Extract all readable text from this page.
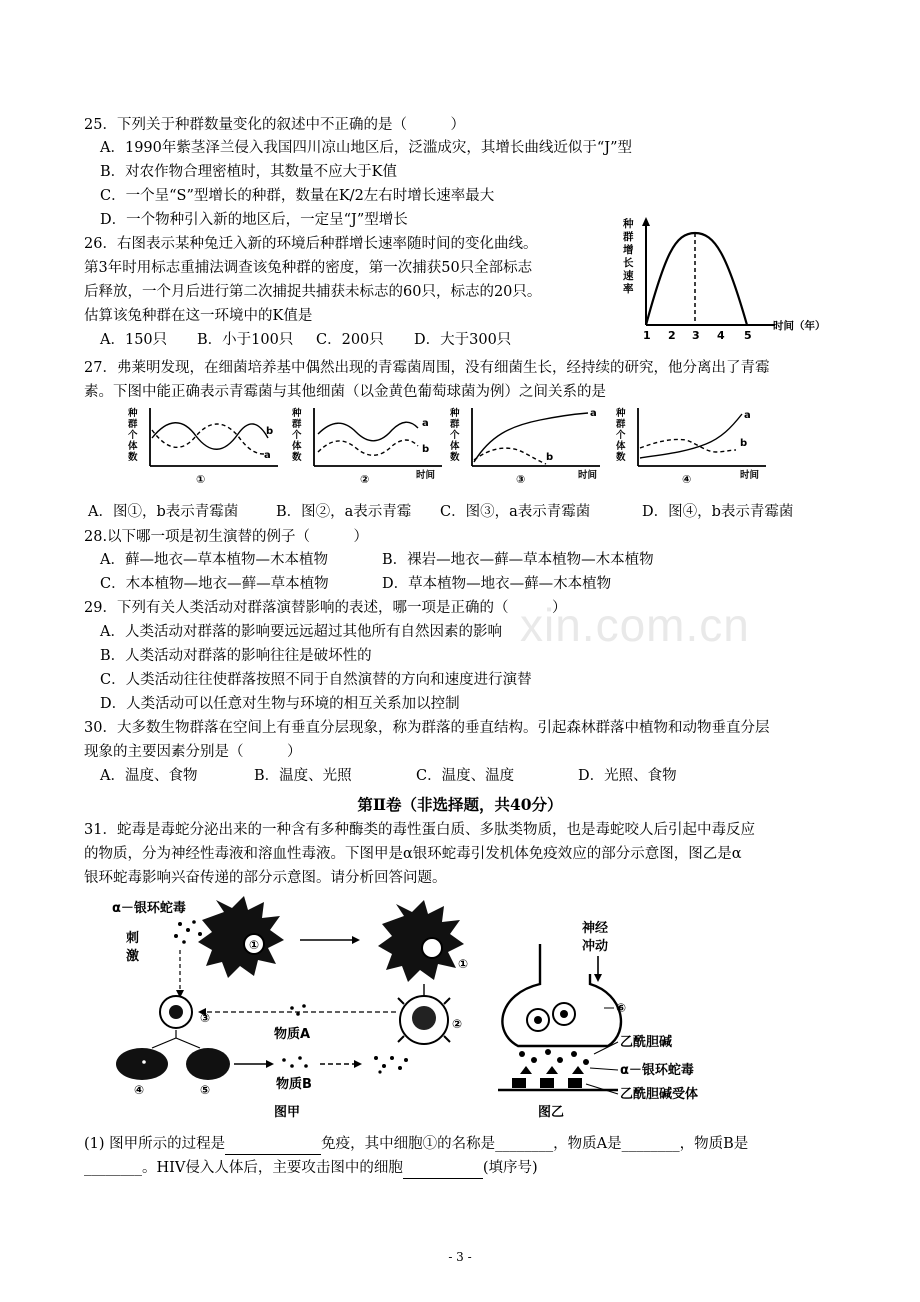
xin.com.cn
25．下列关于种群数量变化的叙述中不正确的是（　　　）
A．1990年紫茎泽兰侵入我国四川凉山地区后，泛滥成灾，其增长曲线近似于“J”型
B．对农作物合理密植时，其数量不应大于K值
C．一个呈“S”型增长的种群，数量在K/2左右时增长速率最大
D．一个物种引入新的地区后，一定呈“J”型增长
26．右图表示某种兔迁入新的环境后种群增长速率随时间的变化曲线。
第3年时用标志重捕法调查该兔种群的密度，第一次捕获50只全部标志
后释放，一个月后进行第二次捕捉共捕获未标志的60只，标志的20只。
估算该兔种群在这一环境中的K值是
A．150只 B．小于100只 C．200只 D．大于300只
种
群
增
长
速
率
1 2 3 4 5
时间（年）
27．弗莱明发现，在细菌培养基中偶然出现的青霉菌周围，没有细菌生长，经持续的研究，他分离出了青霉
素。下图中能正确表示青霉菌与其他细菌（以金黄色葡萄球菌为例）之间关系的是
种
群
个
体
数
b
a
①
种
群
个
体
数
a
b
时间
②
种
群
个
体
数
a
b
时间
③
种
群
个
体
数
a
b
时间
④
A．图①，b表示青霉菌	B．图②，a表示青霉 C．图③，a表示青霉菌	D．图④，b表示青霉菌
28.以下哪一项是初生演替的例子（　　　）
A．藓—地衣—草本植物—木本植物	B．裸岩—地衣—藓—草本植物—木本植物
C．木本植物—地衣—藓—草本植物	D．草本植物—地衣—藓—木本植物
29．下列有关人类活动对群落演替影响的表述，哪一项是正确的（　　　）
A．人类活动对群落的影响要远远超过其他所有自然因素的影响
B．人类活动对群落的影响往往是破坏性的
C．人类活动往往使群落按照不同于自然演替的方向和速度进行演替
D．人类活动可以任意对生物与环境的相互关系加以控制
30．大多数生物群落在空间上有垂直分层现象，称为群落的垂直结构。引起森林群落中植物和动物垂直分层
现象的主要因素分别是（　　　）
A．温度、食物	B．温度、光照	C．温度、温度	D．光照、食物
第Ⅱ卷（非选择题，共40分）
31．蛇毒是毒蛇分泌出来的一种含有多种酶类的毒性蛋白质、多肽类物质，也是毒蛇咬人后引起中毒反应
的物质，分为神经性毒液和溶血性毒液。下图甲是α银环蛇毒引发机体免疫效应的部分示意图，图乙是α
银环蛇毒影响兴奋传递的部分示意图。请分析回答问题。
α－银环蛇毒
刺
激
①
①
②
物质A
③
④	⑤	物质B
图甲
神经
冲动
⑥
乙酰胆碱
α－银环蛇毒
乙酰胆碱受体
图乙
(1) 图甲所示的过程是	免疫，其中细胞①的名称是________，物质A是________，物质B是
________。HIV侵入人体后，主要攻击图中的细胞	(填序号)
- 3 -
